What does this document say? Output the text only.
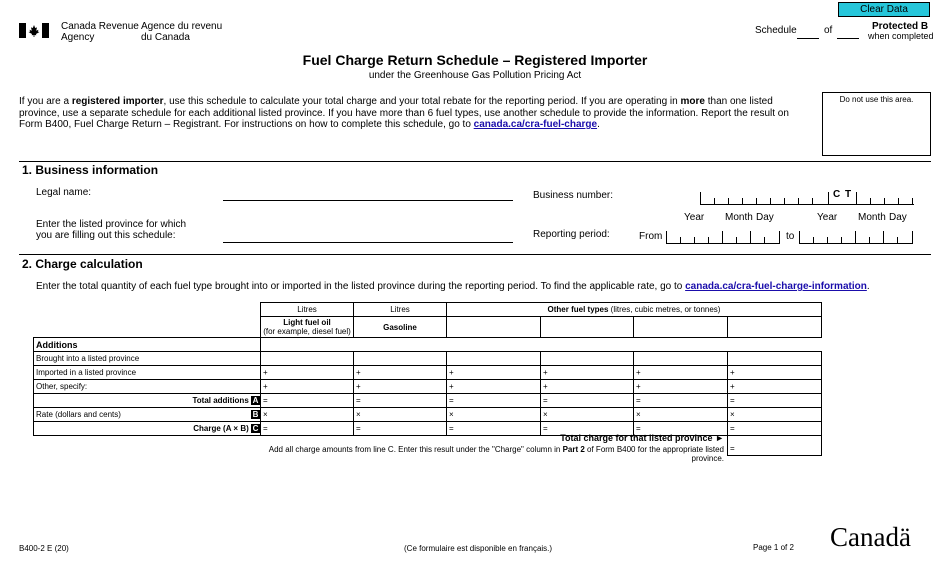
Canada Revenue
Agency
Agence du revenu
du Canada
Clear Data
Schedule	of	Protected B
when completed
Fuel Charge Return Schedule – Registered Importer
under the Greenhouse Gas Pollution Pricing Act
If you are a registered importer, use this schedule to calculate your total charge and your total rebate for the reporting period. If you are operating in more than one listed province, use a separate schedule for each additional listed province. If you have more than 6 fuel types, use another schedule to provide the information. Report the result on Form B400, Fuel Charge Return – Registrant. For instructions on how to complete this schedule, go to canada.ca/cra-fuel-charge.
Do not use this area.
1. Business information
Legal name:
Enter the listed province for which
you are filling out this schedule:
Business number:	C T
Reporting period:
Year Month Day	Year Month Day
From	to
2. Charge calculation
Enter the total quantity of each fuel type brought into or imported in the listed province during the reporting period. To find the applicable rate, go to canada.ca/cra-fuel-charge-information.
	Litres	Litres	Other fuel types (litres, cubic metres, or tonnes)			
	Light fuel oil
(for example, diesel fuel)	Gasoline				
Additions						
Brought into a listed province						
Imported in a listed province	+	+	+	+	+	+
Other, specify:	+	+	+	+	+	+
Total additions A	=	=	=	=	=	=
Rate (dollars and cents) B	×	×	×	×	×	×
Charge (A × B) C	=	=	=	=	=	=
Total charge for that listed province ►
Add all charge amounts from line C. Enter this result under the "Charge" column in Part 2 of Form B400 for the appropriate listed province.
=
B400-2 E (20)	(Ce formulaire est disponible en français.)	Page 1 of 2 Canadä
